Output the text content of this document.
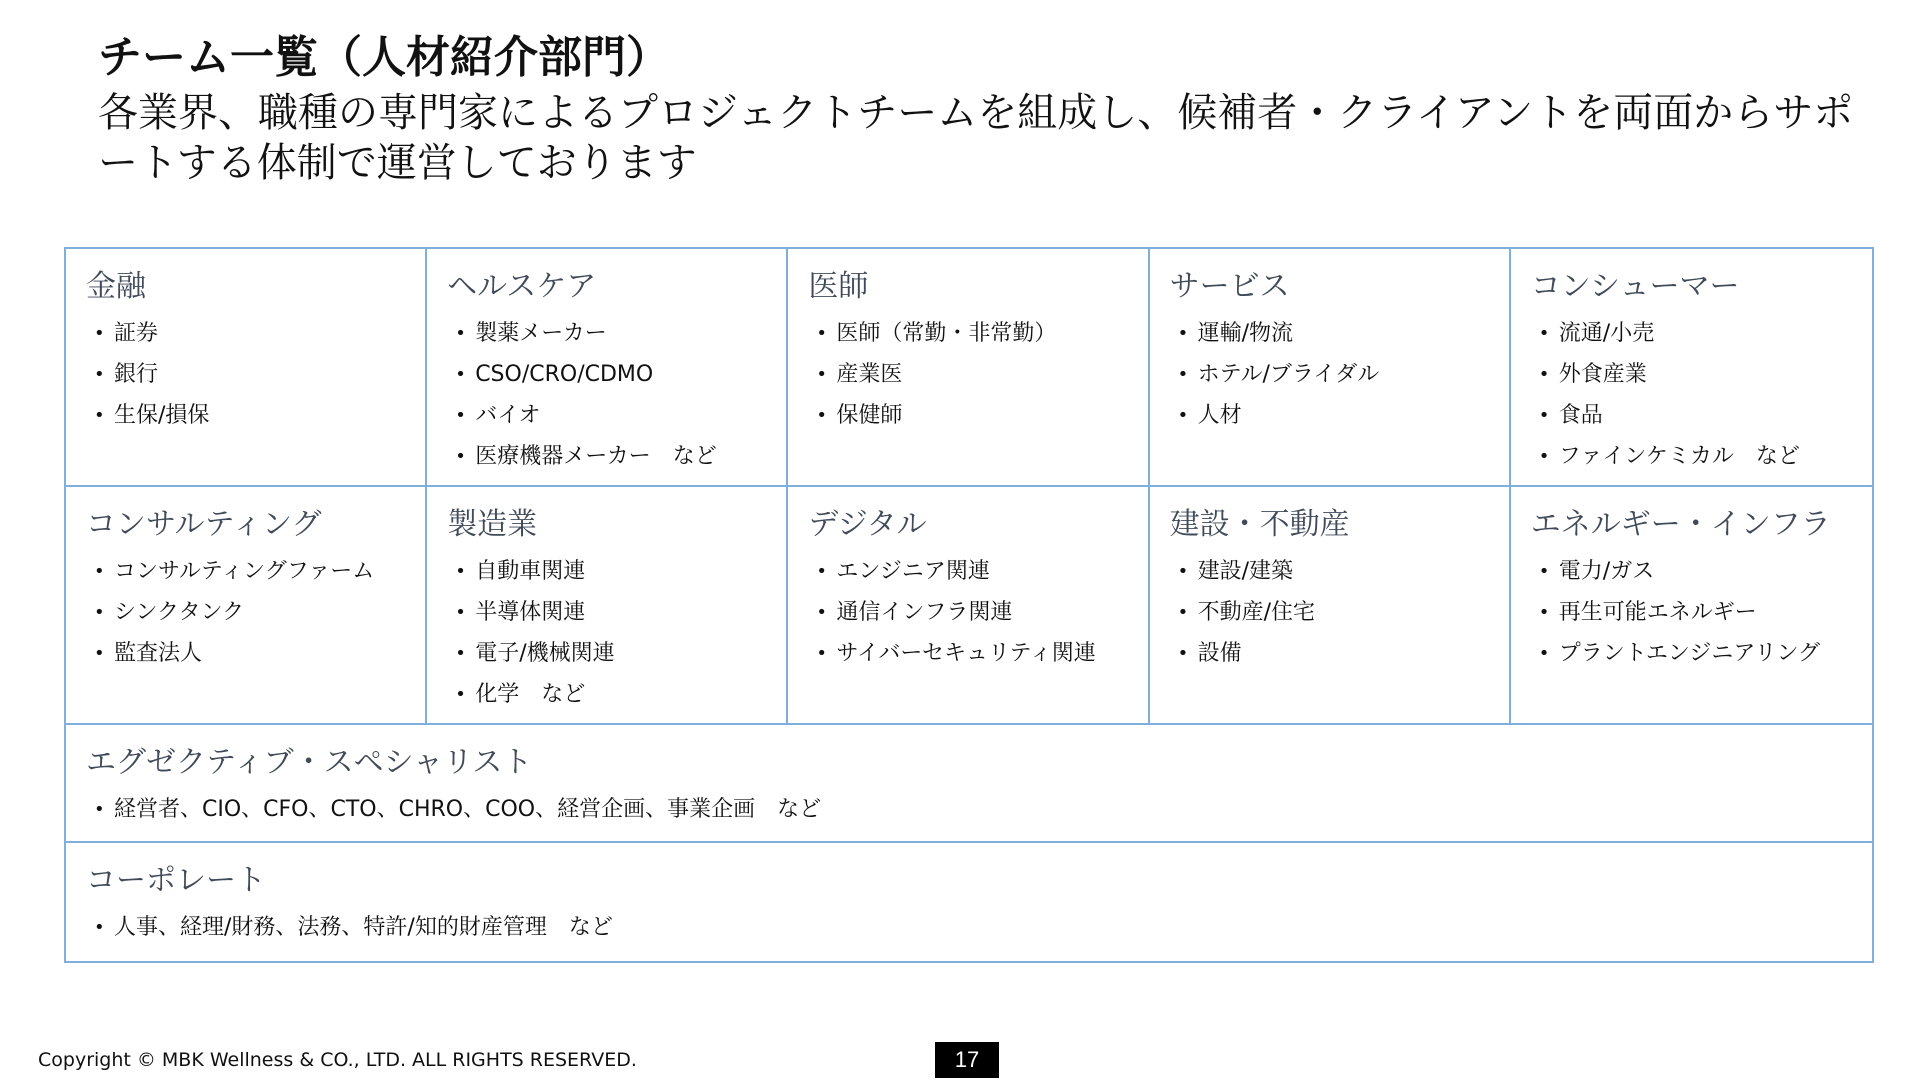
チーム一覧（人材紹介部門）
各業界、職種の専門家によるプロジェクトチームを組成し、候補者・クライアントを両面からサポートする体制で運営しております
金融
• 証券
• 銀行
• 生保/損保
ヘルスケア
• 製薬メーカー
• CSO/CRO/CDMO
• バイオ
• 医療機器メーカー　など
医師
• 医師（常勤・非常勤）
• 産業医
• 保健師
サービス
• 運輸/物流
• ホテル/ブライダル
• 人材
コンシューマー
• 流通/小売
• 外食産業
• 食品
• ファインケミカル　など
コンサルティング
• コンサルティングファーム
• シンクタンク
• 監査法人
製造業
• 自動車関連
• 半導体関連
• 電子/機械関連
• 化学　など
デジタル
• エンジニア関連
• 通信インフラ関連
• サイバーセキュリティ関連
建設・不動産
• 建設/建築
• 不動産/住宅
• 設備
エネルギー・インフラ
• 電力/ガス
• 再生可能エネルギー
• プラントエンジニアリング
エグゼクティブ・スペシャリスト
• 経営者、CIO、CFO、CTO、CHRO、COO、経営企画、事業企画　など
コーポレート
• 人事、経理/財務、法務、特許/知的財産管理　など
Copyright © MBK Wellness & CO., LTD. ALL RIGHTS RESERVED.	17
